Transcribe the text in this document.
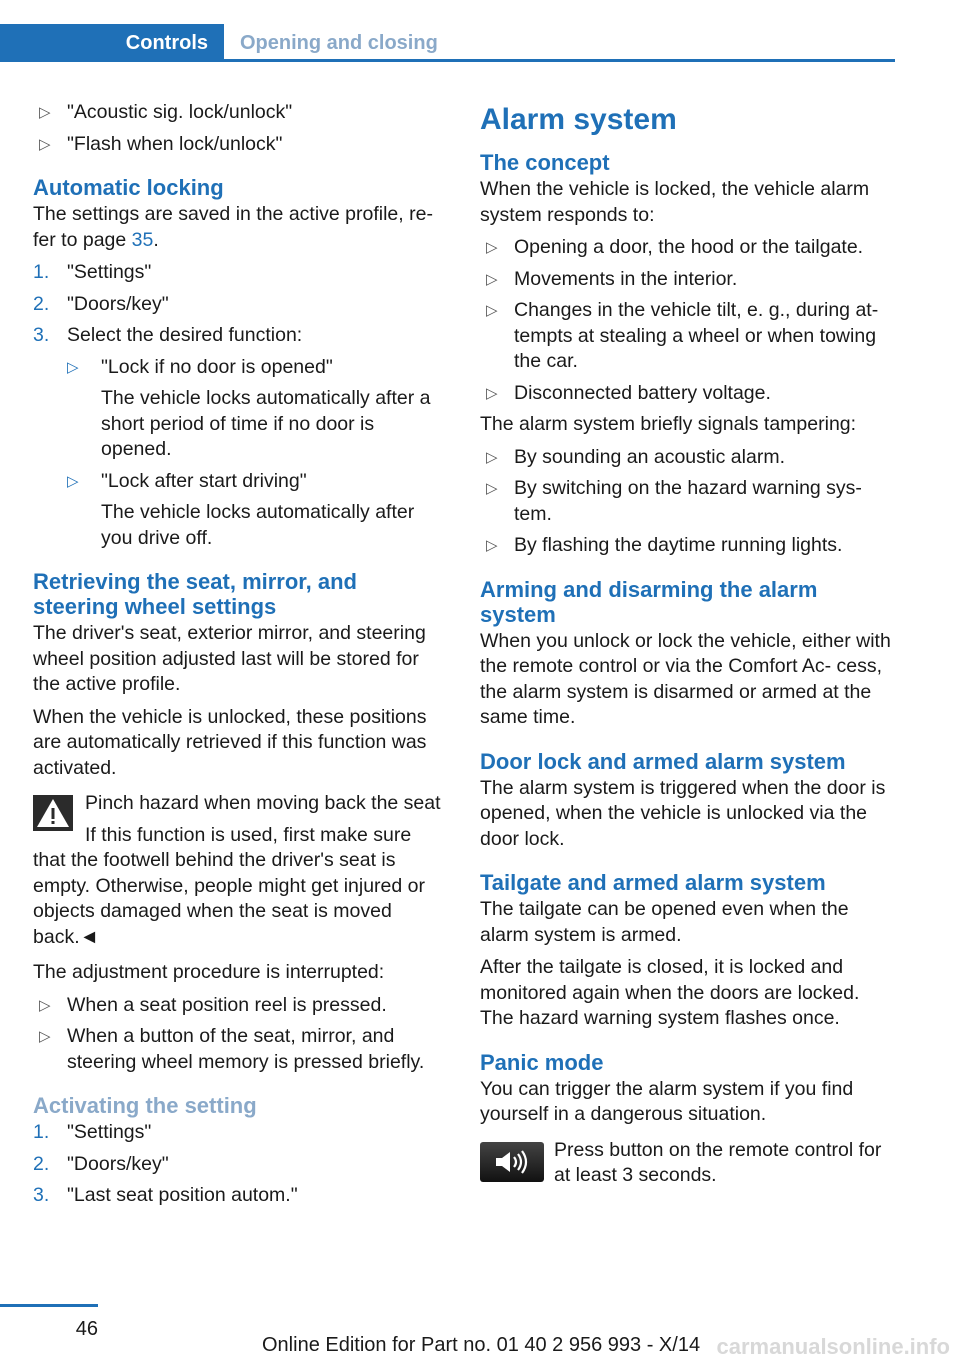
Controls	Opening and closing
▷ "Acoustic sig. lock/unlock"
▷ "Flash when lock/unlock"
Automatic locking

The settings are saved in the active profile, re‐ fer to page 35.

1. "Settings"
2. "Doors/key"
3. Select the desired function:
▷ "Lock if no door is opened"
The vehicle locks automatically after a short period of time if no door is opened.
▷ "Lock after start driving"
The vehicle locks automatically after you drive off.
Retrieving the seat, mirror, and steering wheel settings

The driver's seat, exterior mirror, and steering wheel position adjusted last will be stored for the active profile.

When the vehicle is unlocked, these positions are automatically retrieved if this function was activated.

Pinch hazard when moving back the seat
If this function is used, first make sure that the footwell behind the driver's seat is empty. Otherwise, people might get injured or objects damaged when the seat is moved back.◄

The adjustment procedure is interrupted:

▷ When a seat position reel is pressed.
▷ When a button of the seat, mirror, and steering wheel memory is pressed briefly.
Activating the setting
1. "Settings"
2. "Doors/key"
3. "Last seat position autom."
Alarm system
The concept

When the vehicle is locked, the vehicle alarm system responds to:

▷ Opening a door, the hood or the tailgate.
▷ Movements in the interior.
▷ Changes in the vehicle tilt, e. g., during at‐ tempts at stealing a wheel or when towing the car.
▷ Disconnected battery voltage.

The alarm system briefly signals tampering:

▷ By sounding an acoustic alarm.
▷ By switching on the hazard warning sys‐ tem.
▷ By flashing the daytime running lights.
Arming and disarming the alarm system

When you unlock or lock the vehicle, either with the remote control or via the Comfort Ac‐ cess, the alarm system is disarmed or armed at the same time.

Door lock and armed alarm system

The alarm system is triggered when the door is opened, when the vehicle is unlocked via the door lock.

Tailgate and armed alarm system

The tailgate can be opened even when the alarm system is armed.

After the tailgate is closed, it is locked and monitored again when the doors are locked. The hazard warning system flashes once.

Panic mode

You can trigger the alarm system if you find yourself in a dangerous situation.

Press button on the remote control for at least 3 seconds.
46
Online Edition for Part no. 01 40 2 956 993 - X/14 carmanualsonline.info
